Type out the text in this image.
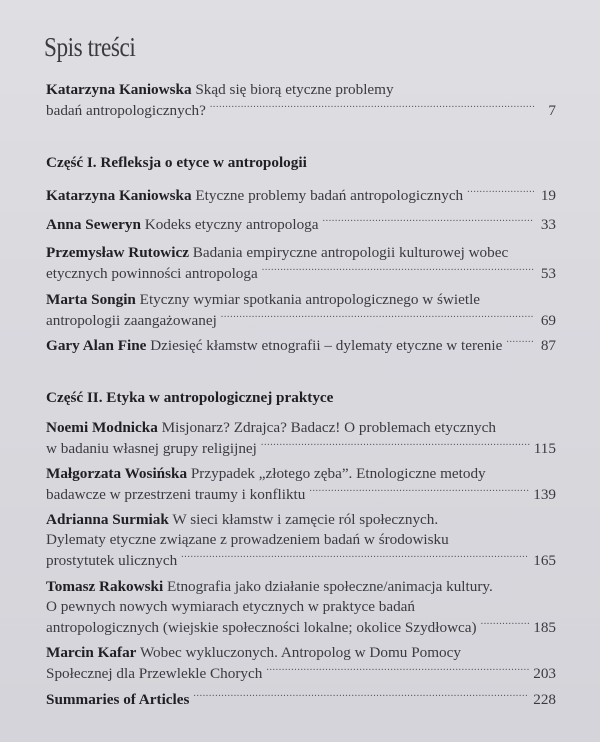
Spis treści
Katarzyna Kaniowska Skąd się biorą etyczne problemy
badań antropologicznych? .....	7
Część I. Refleksja o etyce w antropologii
Katarzyna Kaniowska Etyczne problemy badań antropologicznych .....	19
Anna Seweryn Kodeks etyczny antropologa .....	33
Przemysław Rutowicz Badania empiryczne antropologii kulturowej wobec
etycznych powinności antropologa .....	53
Marta Songin Etyczny wymiar spotkania antropologicznego w świetle
antropologii zaangażowanej .....	69
Gary Alan Fine Dziesięć kłamstw etnografii – dylematy etyczne w terenie .....	87
Część II. Etyka w antropologicznej praktyce
Noemi Modnicka Misjonarz? Zdrajca? Badacz! O problemach etycznych
w badaniu własnej grupy religijnej .....	115
Małgorzata Wosińska Przypadek „złotego zęba”. Etnologiczne metody
badawcze w przestrzeni traumy i konfliktu .....	139
Adrianna Surmiak W sieci kłamstw i zamęcie ról społecznych.
Dylematy etyczne związane z prowadzeniem badań w środowisku
prostytutek ulicznych .....	165
Tomasz Rakowski Etnografia jako działanie społeczne/animacja kultury.
O pewnych nowych wymiarach etycznych w praktyce badań
antropologicznych (wiejskie społeczności lokalne; okolice Szydłowca) .....	185
Marcin Kafar Wobec wykluczonych. Antropolog w Domu Pomocy
Społecznej dla Przewlekle Chorych .....	203
Summaries of Articles .....	228
